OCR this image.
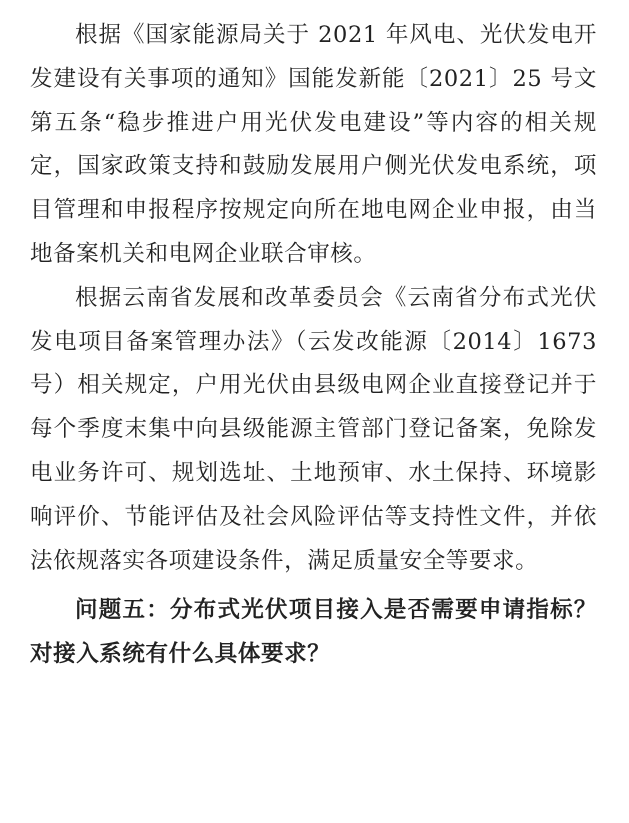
根据《国家能源局关于 2021 年风电、光伏发电开发建设有关事项的通知》国能发新能〔2021〕25 号文第五条“稳步推进户用光伏发电建设”等内容的相关规定，国家政策支持和鼓励发展用户侧光伏发电系统，项目管理和申报程序按规定向所在地电网企业申报，由当地备案机关和电网企业联合审核。

根据云南省发展和改革委员会《云南省分布式光伏发电项目备案管理办法》（云发改能源〔2014〕1673 号）相关规定，户用光伏由县级电网企业直接登记并于每个季度末集中向县级能源主管部门登记备案，免除发电业务许可、规划选址、土地预审、水土保持、环境影响评价、节能评估及社会风险评估等支持性文件，并依法依规落实各项建设条件，满足质量安全等要求。

问题五：分布式光伏项目接入是否需要申请指标？对接入系统有什么具体要求？
